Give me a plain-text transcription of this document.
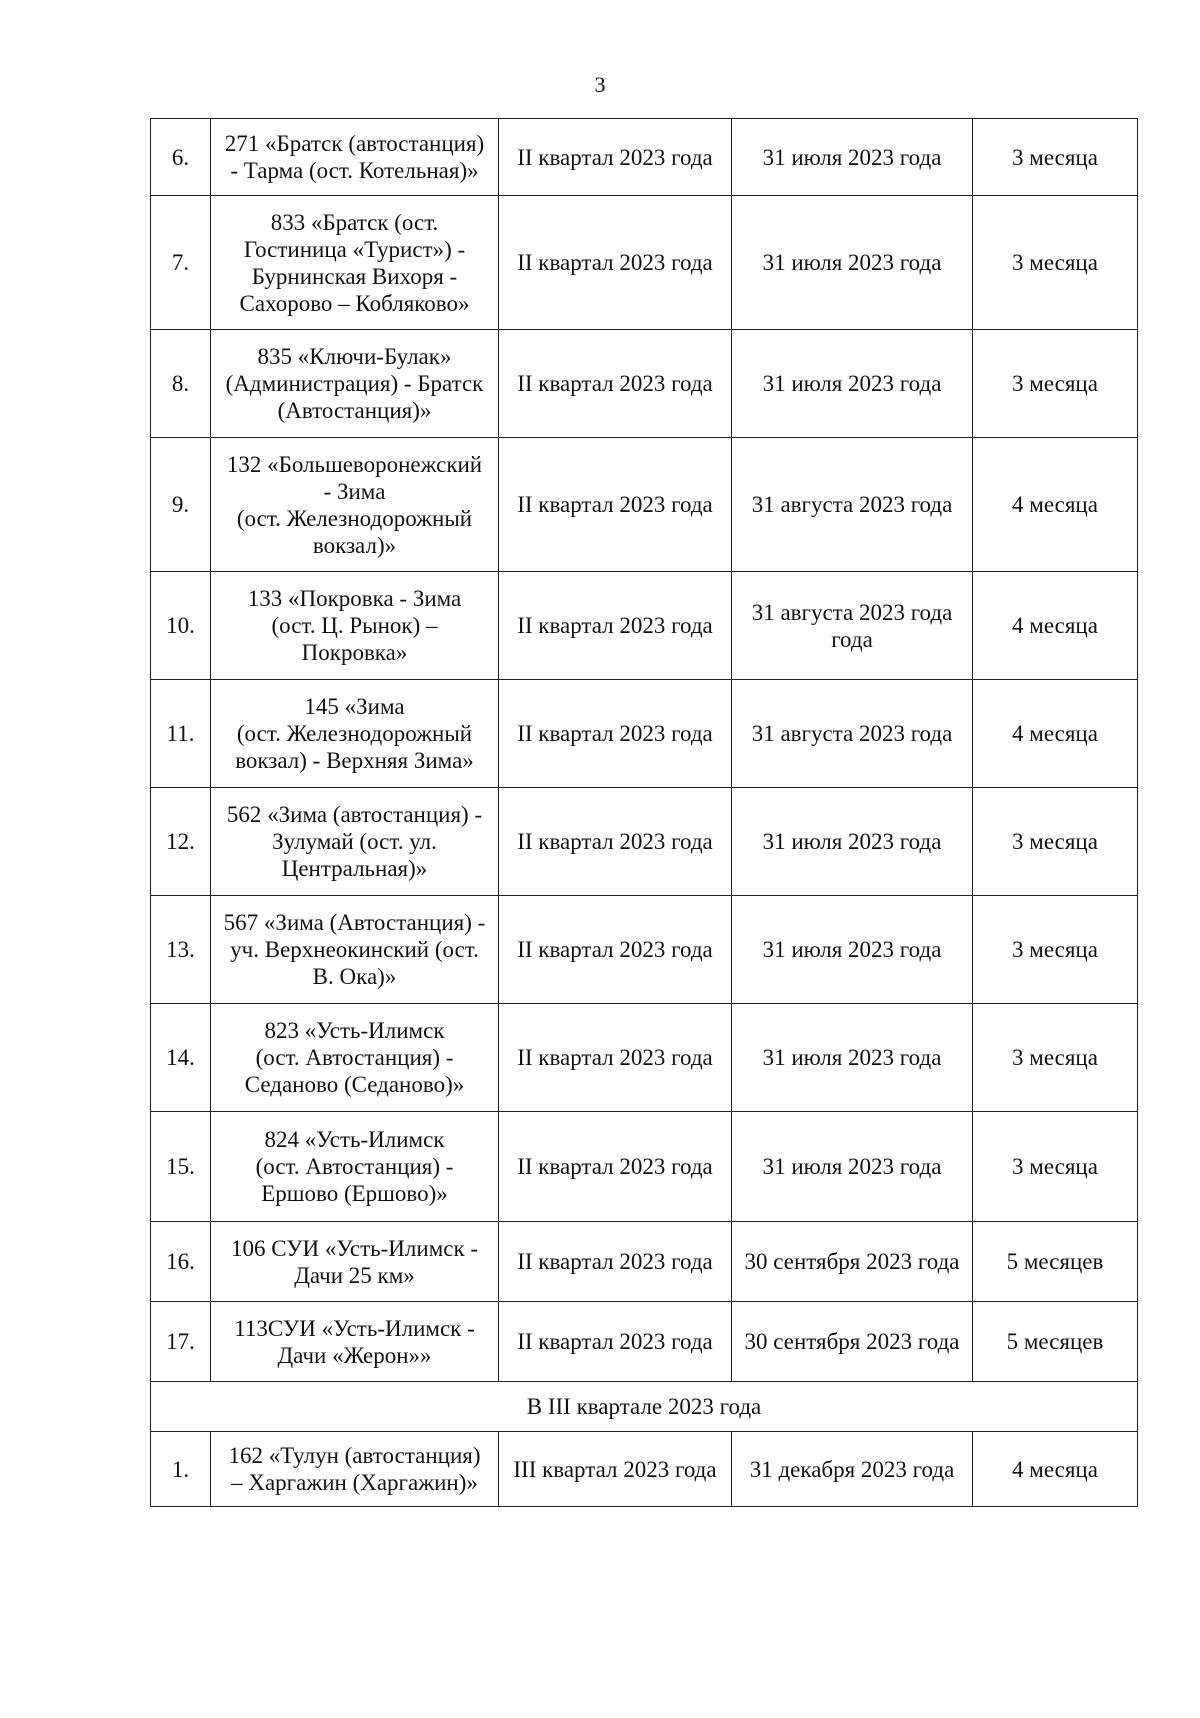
3
6.	271 «Братск (автостанция)
- Тарма (ост. Котельная)»	II квартал 2023 года	31 июля 2023 года	3 месяца
7.	833 «Братск (ост.
Гостиница «Турист») -
Бурнинская Вихоря -
Сахорово – Кобляково»	II квартал 2023 года	31 июля 2023 года	3 месяца
8.	835 «Ключи-Булак»
(Администрация) - Братск
(Автостанция)»	II квартал 2023 года	31 июля 2023 года	3 месяца
9.	132 «Большеворонежский
- Зима
(ост. Железнодорожный
вокзал)»	II квартал 2023 года	31 августа 2023 года	4 месяца
10.	133 «Покровка - Зима
(ост. Ц. Рынок) –
Покровка»	II квартал 2023 года	31 августа 2023 года
года	4 месяца
11.	145 «Зима
(ост. Железнодорожный
вокзал) - Верхняя Зима»	II квартал 2023 года	31 августа 2023 года	4 месяца
12.	562 «Зима (автостанция) -
Зулумай (ост. ул.
Центральная)»	II квартал 2023 года	31 июля 2023 года	3 месяца
13.	567 «Зима (Автостанция) -
уч. Верхнеокинский (ост.
В. Ока)»	II квартал 2023 года	31 июля 2023 года	3 месяца
14.	823 «Усть-Илимск
(ост. Автостанция) -
Седаново (Седаново)»	II квартал 2023 года	31 июля 2023 года	3 месяца
15.	824 «Усть-Илимск
(ост. Автостанция) -
Ершово (Ершово)»	II квартал 2023 года	31 июля 2023 года	3 месяца
16.	106 СУИ «Усть-Илимск -
Дачи 25 км»	II квартал 2023 года	30 сентября 2023 года	5 месяцев
17.	113СУИ «Усть-Илимск -
Дачи «Жерон»»	II квартал 2023 года	30 сентября 2023 года	5 месяцев
В III квартале 2023 года				
1.	162 «Тулун (автостанция)
– Харгажин (Харгажин)»	III квартал 2023 года	31 декабря 2023 года	4 месяца
